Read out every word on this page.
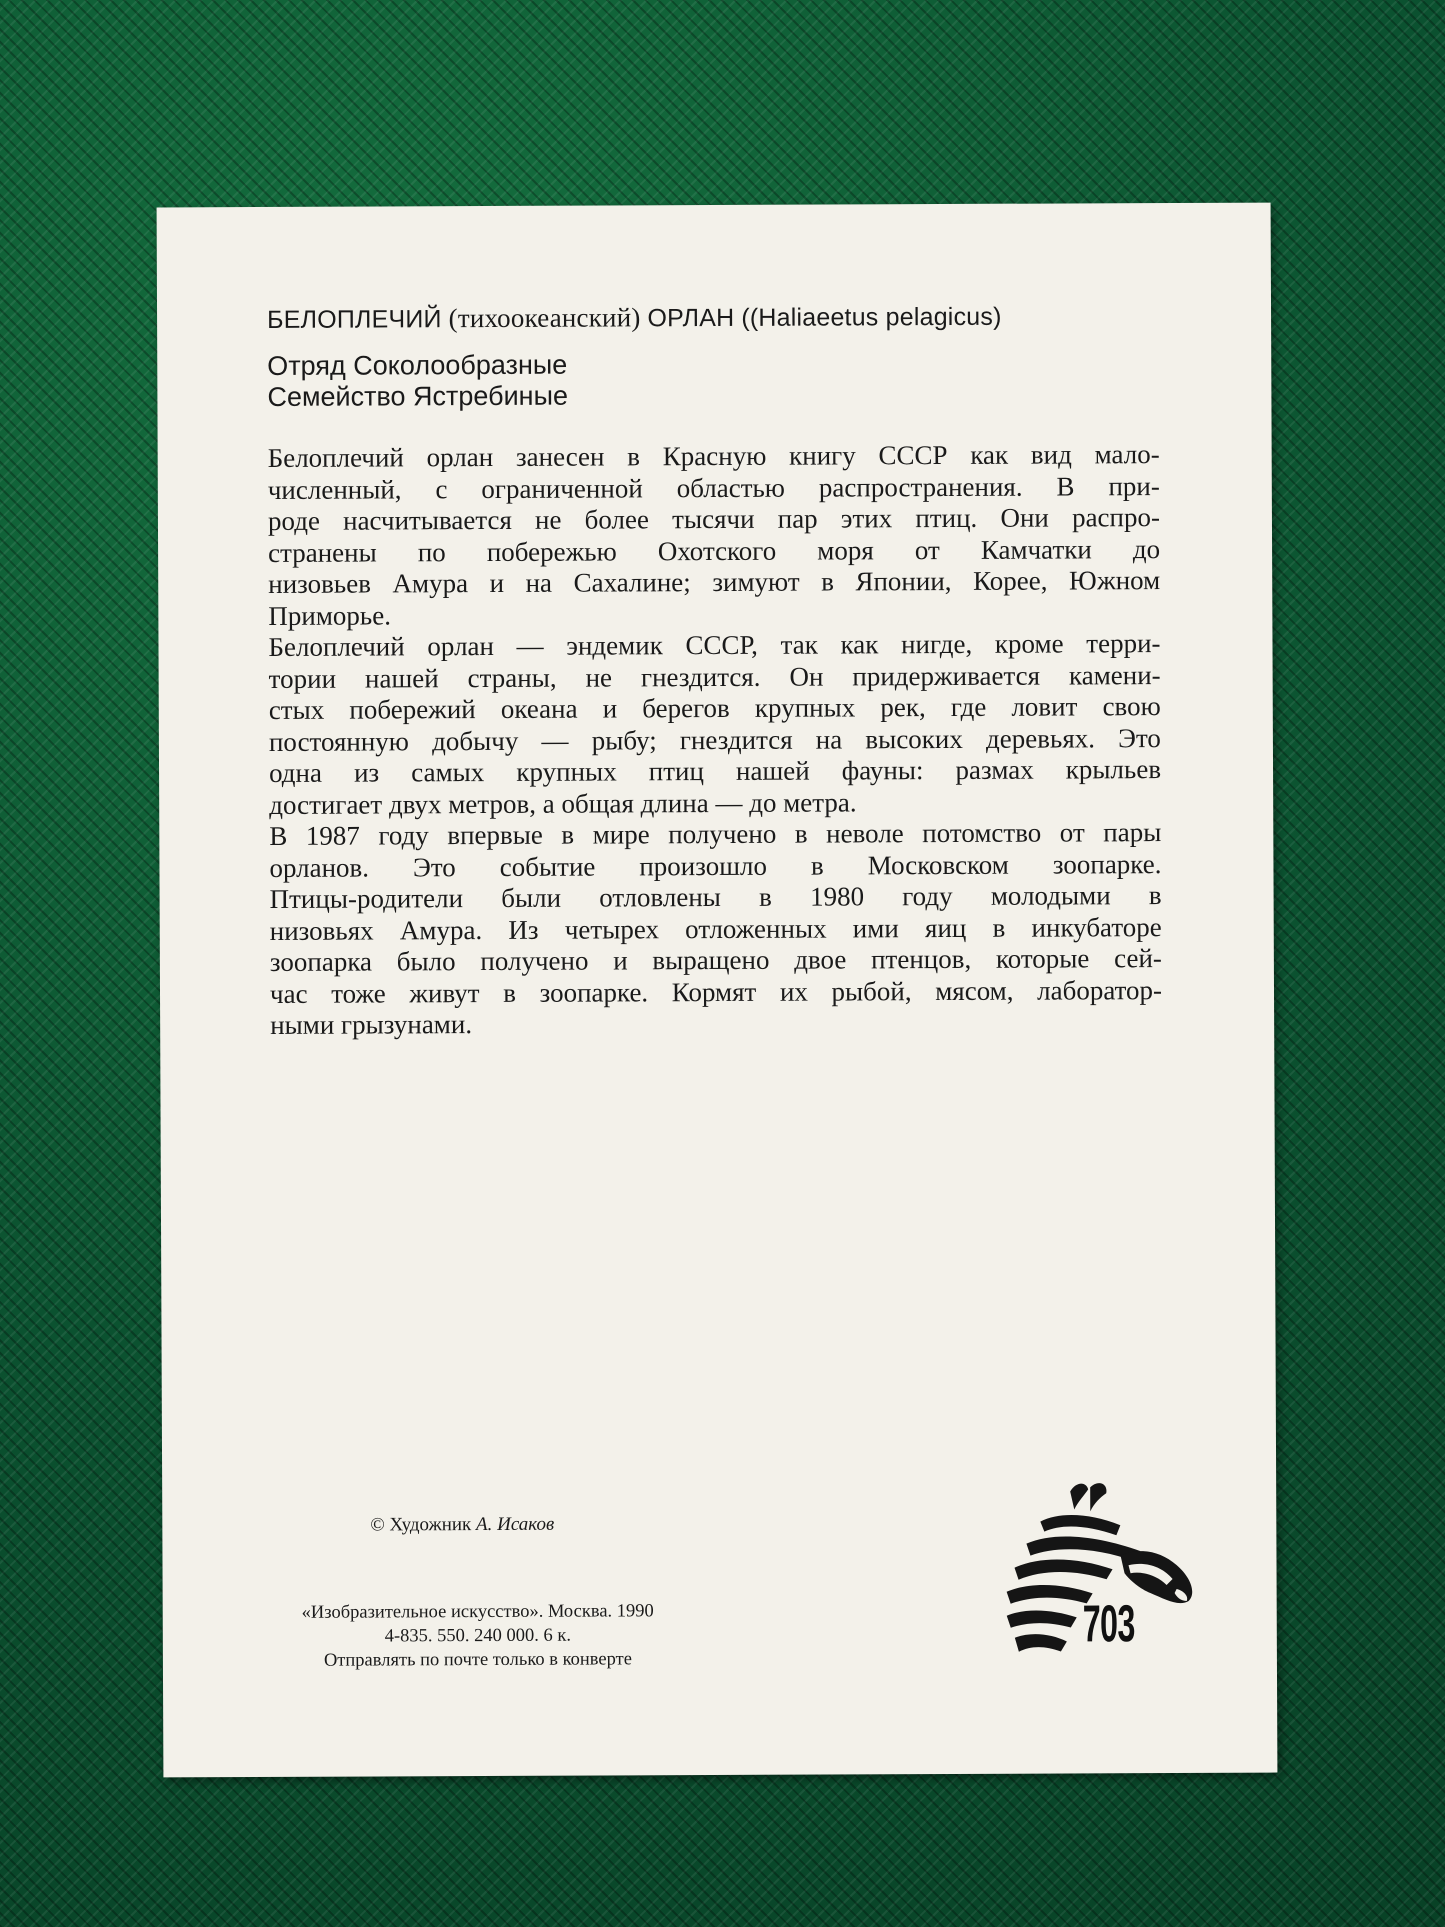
БЕЛОПЛЕЧИЙ (тихоокеанский) ОРЛАН ((Haliaeetus pelagicus)

Отряд Соколообразные

Семейство Ястребиные

Белоплечий орлан занесен в Красную книгу СССР как вид мало-
численный, с ограниченной областью распространения. В при-
роде насчитывается не более тысячи пар этих птиц. Они распро-
странены по побережью Охотского моря от Камчатки до
низовьев Амура и на Сахалине; зимуют в Японии, Корее, Южном
Приморье.

Белоплечий орлан — эндемик СССР, так как нигде, кроме терри-
тории нашей страны, не гнездится. Он придерживается камени-
стых побережий океана и берегов крупных рек, где ловит свою
постоянную добычу — рыбу; гнездится на высоких деревьях. Это
одна из самых крупных птиц нашей фауны: размах крыльев
достигает двух метров, а общая длина — до метра.

В 1987 году впервые в мире получено в неволе потомство от пары
орланов. Это событие произошло в Московском зоопарке.
Птицы-родители были отловлены в 1980 году молодыми в
низовьях Амура. Из четырех отложенных ими яиц в инкубаторе
зоопарка было получено и выращено двое птенцов, которые сей-
час тоже живут в зоопарке. Кормят их рыбой, мясом, лаборатор-
ными грызунами.

© Художник А. Исаков
«Изобразительное искусство». Москва. 1990
4-835. 550. 240 000. 6 к.
Отправлять по почте только в конверте
703
